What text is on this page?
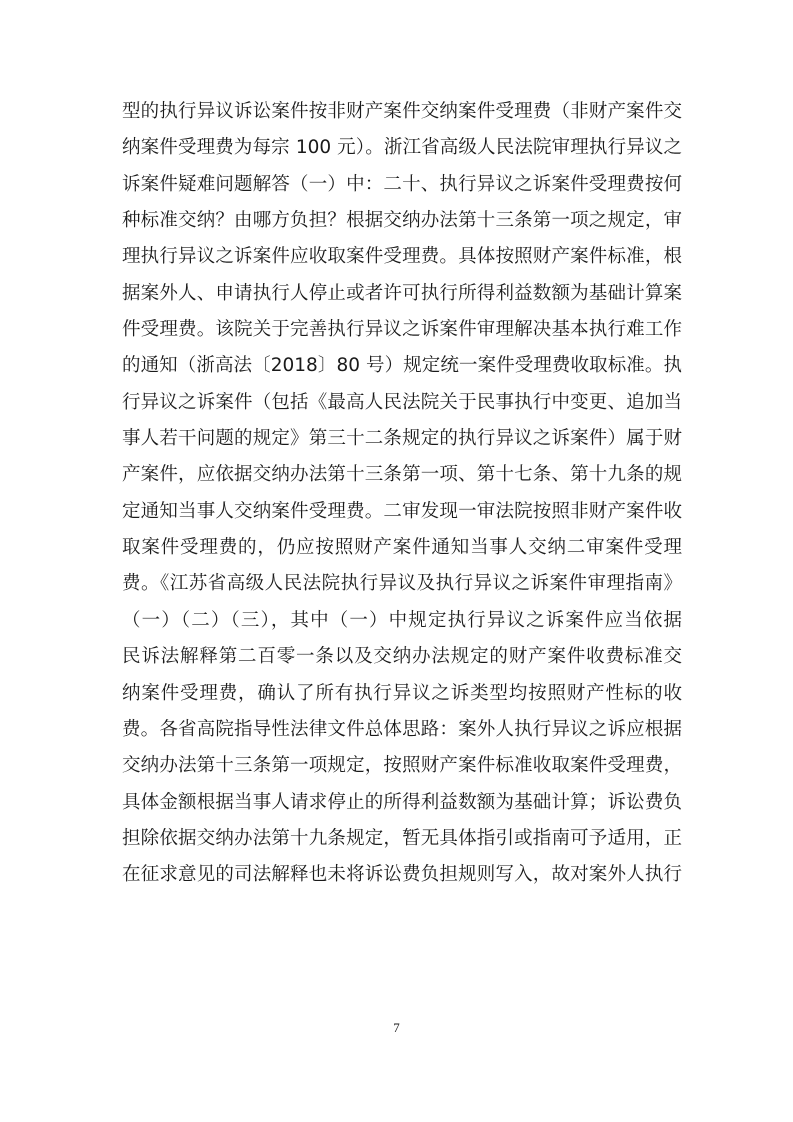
型的执行异议诉讼案件按非财产案件交纳案件受理费（非财产案件交
纳案件受理费为每宗 100 元）。浙江省高级人民法院审理执行异议之
诉案件疑难问题解答（一）中：二十、执行异议之诉案件受理费按何
种标准交纳？由哪方负担？根据交纳办法第十三条第一项之规定，审
理执行异议之诉案件应收取案件受理费。具体按照财产案件标准，根
据案外人、申请执行人停止或者许可执行所得利益数额为基础计算案
件受理费。该院关于完善执行异议之诉案件审理解决基本执行难工作
的通知（浙高法〔2018〕80 号）规定统一案件受理费收取标准。执
行异议之诉案件（包括《最高人民法院关于民事执行中变更、追加当
事人若干问题的规定》第三十二条规定的执行异议之诉案件）属于财
产案件，应依据交纳办法第十三条第一项、第十七条、第十九条的规
定通知当事人交纳案件受理费。二审发现一审法院按照非财产案件收
取案件受理费的，仍应按照财产案件通知当事人交纳二审案件受理
费。《江苏省高级人民法院执行异议及执行异议之诉案件审理指南》
（一）（二）（三），其中（一）中规定执行异议之诉案件应当依据
民诉法解释第二百零一条以及交纳办法规定的财产案件收费标准交
纳案件受理费，确认了所有执行异议之诉类型均按照财产性标的收
费。各省高院指导性法律文件总体思路：案外人执行异议之诉应根据
交纳办法第十三条第一项规定，按照财产案件标准收取案件受理费，
具体金额根据当事人请求停止的所得利益数额为基础计算；诉讼费负
担除依据交纳办法第十九条规定，暂无具体指引或指南可予适用，正
在征求意见的司法解释也未将诉讼费负担规则写入，故对案外人执行
7
